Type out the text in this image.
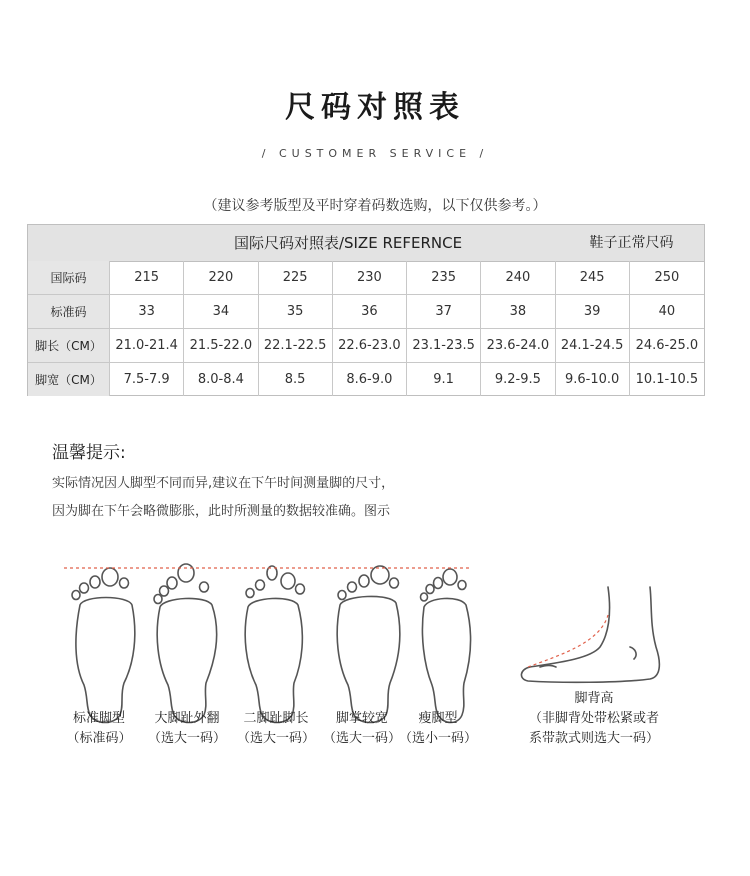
尺码对照表
/ CUSTOMER SERVICE /
（建议参考版型及平时穿着码数选购，以下仅供参考。）
国际尺码对照表/SIZE REFERNCE	鞋子正常尺码
国际码	215	220	225	230	235	240	245	250
标准码	33	34	35	36	37	38	39	40
脚长（CM）	21.0-21.4 21.5-22.0 22.1-22.5 22.6-23.0 23.1-23.5 23.6-24.0 24.1-24.5 24.6-25.0
脚宽（CM）	7.5-7.9	8.0-8.4	8.5	8.6-9.0	9.1	9.2-9.5	9.6-10.0	10.1-10.5
温馨提示:
实际情况因人脚型不同而异,建议在下午时间测量脚的尺寸，
因为脚在下午会略微膨胀，此时所测量的数据较准确。图示
标准脚型
（标准码）
大脚趾外翻
（选大一码）
二脚趾脚长
（选大一码）
脚掌较宽
（选大一码）
瘦脚型
（选小一码）
脚背高
（非脚背处带松紧或者
系带款式则选大一码）
